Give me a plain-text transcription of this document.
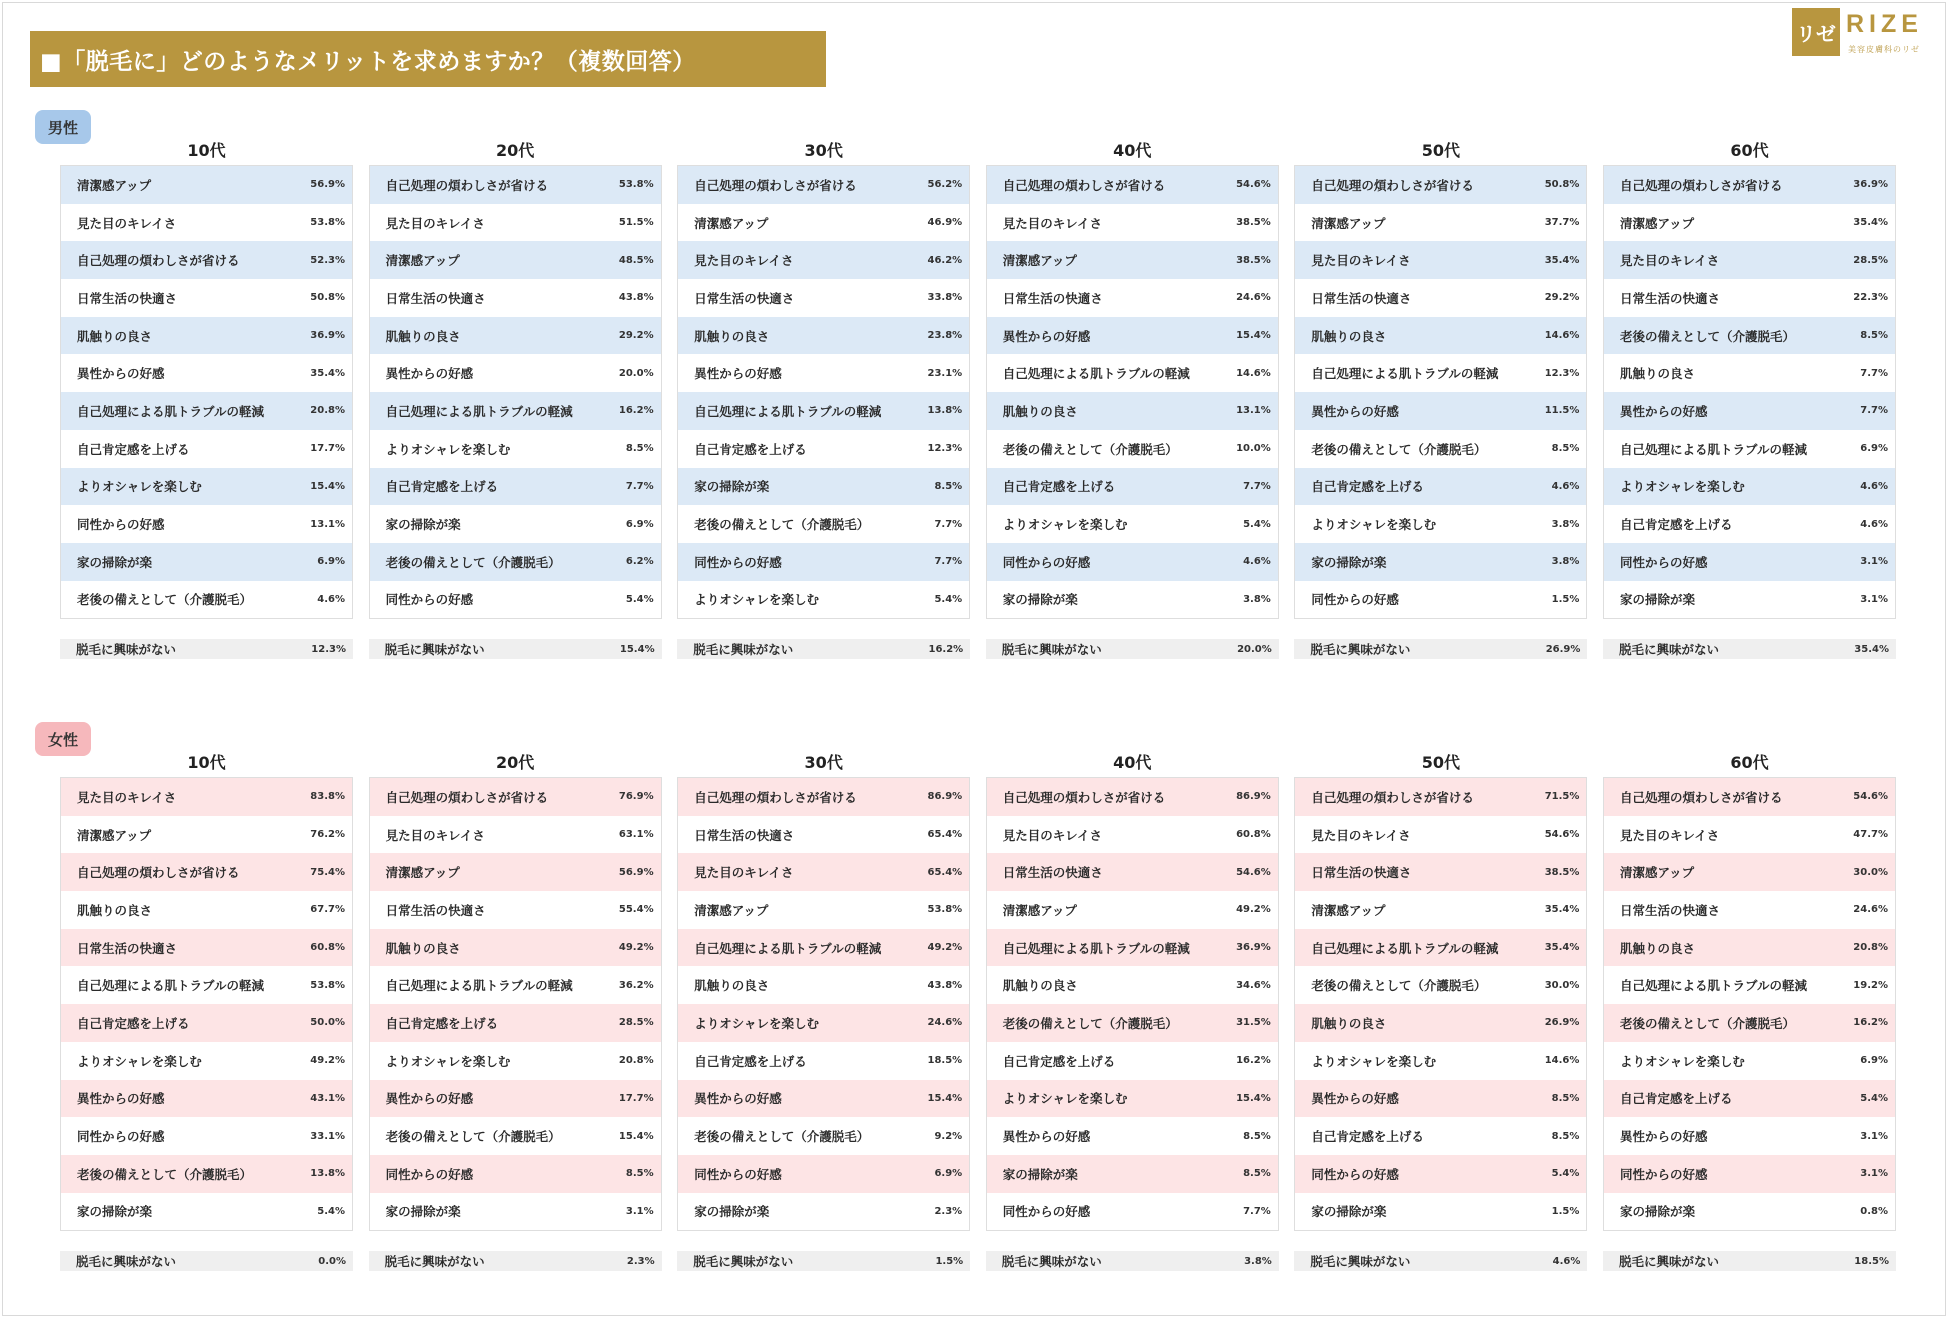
■「脱毛に」どのようなメリットを求めますか？（複数回答）
リゼ RIZE
美容皮膚科のリゼ
男性
10代
清潔感アップ	56.9%
見た目のキレイさ	53.8%
自己処理の煩わしさが省ける	52.3%
日常生活の快適さ	50.8%
肌触りの良さ	36.9%
異性からの好感	35.4%
自己処理による肌トラブルの軽減	20.8%
自己肯定感を上げる	17.7%
よりオシャレを楽しむ	15.4%
同性からの好感	13.1%
家の掃除が楽	6.9%
老後の備えとして（介護脱毛）	4.6%
脱毛に興味がない	12.3%
20代
自己処理の煩わしさが省ける	53.8%
見た目のキレイさ	51.5%
清潔感アップ	48.5%
日常生活の快適さ	43.8%
肌触りの良さ	29.2%
異性からの好感	20.0%
自己処理による肌トラブルの軽減	16.2%
よりオシャレを楽しむ	8.5%
自己肯定感を上げる	7.7%
家の掃除が楽	6.9%
老後の備えとして（介護脱毛）	6.2%
同性からの好感	5.4%
脱毛に興味がない	15.4%
30代
自己処理の煩わしさが省ける	56.2%
清潔感アップ	46.9%
見た目のキレイさ	46.2%
日常生活の快適さ	33.8%
肌触りの良さ	23.8%
異性からの好感	23.1%
自己処理による肌トラブルの軽減	13.8%
自己肯定感を上げる	12.3%
家の掃除が楽	8.5%
老後の備えとして（介護脱毛）	7.7%
同性からの好感	7.7%
よりオシャレを楽しむ	5.4%
脱毛に興味がない	16.2%
40代
自己処理の煩わしさが省ける	54.6%
見た目のキレイさ	38.5%
清潔感アップ	38.5%
日常生活の快適さ	24.6%
異性からの好感	15.4%
自己処理による肌トラブルの軽減	14.6%
肌触りの良さ	13.1%
老後の備えとして（介護脱毛）	10.0%
自己肯定感を上げる	7.7%
よりオシャレを楽しむ	5.4%
同性からの好感	4.6%
家の掃除が楽	3.8%
脱毛に興味がない	20.0%
50代
自己処理の煩わしさが省ける	50.8%
清潔感アップ	37.7%
見た目のキレイさ	35.4%
日常生活の快適さ	29.2%
肌触りの良さ	14.6%
自己処理による肌トラブルの軽減	12.3%
異性からの好感	11.5%
老後の備えとして（介護脱毛）	8.5%
自己肯定感を上げる	4.6%
よりオシャレを楽しむ	3.8%
家の掃除が楽	3.8%
同性からの好感	1.5%
脱毛に興味がない	26.9%
60代
自己処理の煩わしさが省ける	36.9%
清潔感アップ	35.4%
見た目のキレイさ	28.5%
日常生活の快適さ	22.3%
老後の備えとして（介護脱毛）	8.5%
肌触りの良さ	7.7%
異性からの好感	7.7%
自己処理による肌トラブルの軽減	6.9%
よりオシャレを楽しむ	4.6%
自己肯定感を上げる	4.6%
同性からの好感	3.1%
家の掃除が楽	3.1%
脱毛に興味がない	35.4%
女性
10代
見た目のキレイさ	83.8%
清潔感アップ	76.2%
自己処理の煩わしさが省ける	75.4%
肌触りの良さ	67.7%
日常生活の快適さ	60.8%
自己処理による肌トラブルの軽減	53.8%
自己肯定感を上げる	50.0%
よりオシャレを楽しむ	49.2%
異性からの好感	43.1%
同性からの好感	33.1%
老後の備えとして（介護脱毛）	13.8%
家の掃除が楽	5.4%
脱毛に興味がない	0.0%
20代
自己処理の煩わしさが省ける	76.9%
見た目のキレイさ	63.1%
清潔感アップ	56.9%
日常生活の快適さ	55.4%
肌触りの良さ	49.2%
自己処理による肌トラブルの軽減	36.2%
自己肯定感を上げる	28.5%
よりオシャレを楽しむ	20.8%
異性からの好感	17.7%
老後の備えとして（介護脱毛）	15.4%
同性からの好感	8.5%
家の掃除が楽	3.1%
脱毛に興味がない	2.3%
30代
自己処理の煩わしさが省ける	86.9%
日常生活の快適さ	65.4%
見た目のキレイさ	65.4%
清潔感アップ	53.8%
自己処理による肌トラブルの軽減	49.2%
肌触りの良さ	43.8%
よりオシャレを楽しむ	24.6%
自己肯定感を上げる	18.5%
異性からの好感	15.4%
老後の備えとして（介護脱毛）	9.2%
同性からの好感	6.9%
家の掃除が楽	2.3%
脱毛に興味がない	1.5%
40代
自己処理の煩わしさが省ける	86.9%
見た目のキレイさ	60.8%
日常生活の快適さ	54.6%
清潔感アップ	49.2%
自己処理による肌トラブルの軽減	36.9%
肌触りの良さ	34.6%
老後の備えとして（介護脱毛）	31.5%
自己肯定感を上げる	16.2%
よりオシャレを楽しむ	15.4%
異性からの好感	8.5%
家の掃除が楽	8.5%
同性からの好感	7.7%
脱毛に興味がない	3.8%
50代
自己処理の煩わしさが省ける	71.5%
見た目のキレイさ	54.6%
日常生活の快適さ	38.5%
清潔感アップ	35.4%
自己処理による肌トラブルの軽減	35.4%
老後の備えとして（介護脱毛）	30.0%
肌触りの良さ	26.9%
よりオシャレを楽しむ	14.6%
異性からの好感	8.5%
自己肯定感を上げる	8.5%
同性からの好感	5.4%
家の掃除が楽	1.5%
脱毛に興味がない	4.6%
60代
自己処理の煩わしさが省ける	54.6%
見た目のキレイさ	47.7%
清潔感アップ	30.0%
日常生活の快適さ	24.6%
肌触りの良さ	20.8%
自己処理による肌トラブルの軽減	19.2%
老後の備えとして（介護脱毛）	16.2%
よりオシャレを楽しむ	6.9%
自己肯定感を上げる	5.4%
異性からの好感	3.1%
同性からの好感	3.1%
家の掃除が楽	0.8%
脱毛に興味がない	18.5%
